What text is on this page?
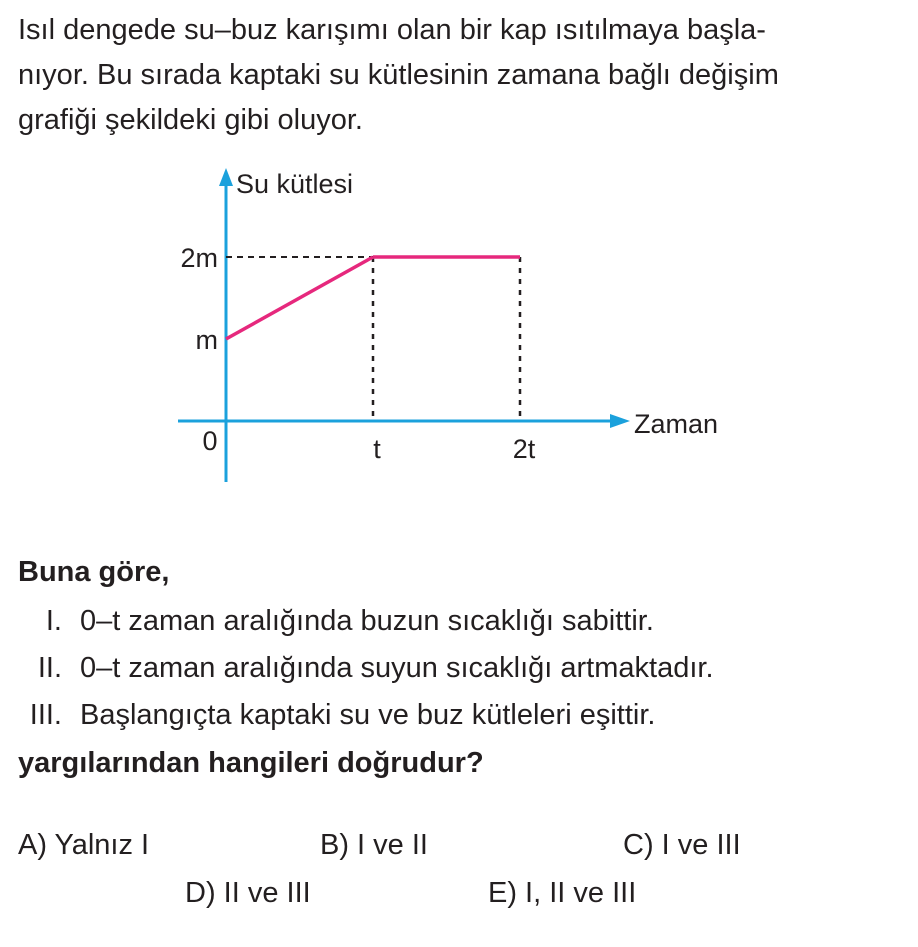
Isıl dengede su–buz karışımı olan bir kap ısıtılmaya başla-
nıyor. Bu sırada kaptaki su kütlesinin zamana bağlı değişim
grafiği şekildeki gibi oluyor.
Su kütlesi
Zaman
0	t	2t
m
2m

Buna göre,

I. 0–t zaman aralığında buzun sıcaklığı sabittir.

II. 0–t zaman aralığında suyun sıcaklığı artmaktadır.

III. Başlangıçta kaptaki su ve buz kütleleri eşittir.

yargılarından hangileri doğrudur?

A) Yalnız I	B) I ve II	C) I ve III

D) II ve III	E) I, II ve III
